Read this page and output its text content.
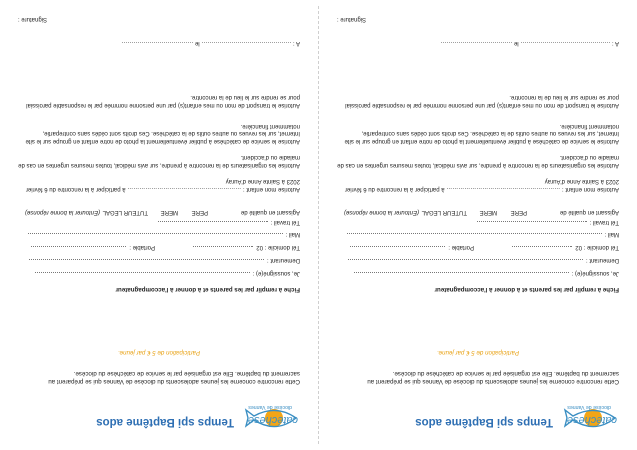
catéchèse
diocèse de Vannes
Temps spi Baptême ados
Cette rencontre concerne les jeunes adolescents du diocèse de Vannes qui se préparent au sacrement du baptême. Elle est organisée par le service de catéchèse du diocèse.
Participation de 5 € par jeune.
Fiche à remplir par les parents et à donner à l'accompagnateur
Je, soussigné(e) :
Demeurant :
Tél domicile : 02
Portable :
Mail :
Tél travail :
Agissant en qualité de
PERE
MERE
TUTEUR LEGAL
(Entourer la bonne réponse)
Autorise mon enfant : ………………………………………………… à participer à la rencontre du 6 février 2023 à Sainte Anne d'Auray
Autorise les organisateurs de la rencontre à prendre, sur avis médical, toutes mesures urgentes en cas de maladie ou d'accident.
Autorise le service de catéchèse à publier éventuellement la photo de notre enfant en groupe sur le site Internet, sur les revues ou autres outils de la catéchèse. Ces droits sont cédés sans contrepartie, notamment financière.
Autorise le transport de mon ou mes enfant(s) par une personne nommée par le responsable paroissial pour se rendre sur le lieu de la rencontre.
A : ……………………………………… le ………………………………
Signature :
catéchèse
diocèse de Vannes
Temps spi Baptême ados
Cette rencontre concerne les jeunes adolescents du diocèse de Vannes qui se préparent au sacrement du baptême. Elle est organisée par le service de catéchèse du diocèse.
Participation de 5 € par jeune.
Fiche à remplir par les parents et à donner à l'accompagnateur
Je, soussigné(e) :
Demeurant :
Tél domicile : 02
Portable :
Mail :
Tél travail :
Agissant en qualité de
PERE
MERE
TUTEUR LEGAL
(Entourer la bonne réponse)
Autorise mon enfant : ………………………………………………… à participer à la rencontre du 6 février 2023 à Sainte Anne d'Auray
Autorise les organisateurs de la rencontre à prendre, sur avis médical, toutes mesures urgentes en cas de maladie ou d'accident.
Autorise le service de catéchèse à publier éventuellement la photo de notre enfant en groupe sur le site Internet, sur les revues ou autres outils de la catéchèse. Ces droits sont cédés sans contrepartie, notamment financière.
Autorise le transport de mon ou mes enfant(s) par une personne nommée par le responsable paroissial pour se rendre sur le lieu de la rencontre.
A : ……………………………………… le ………………………………
Signature :
